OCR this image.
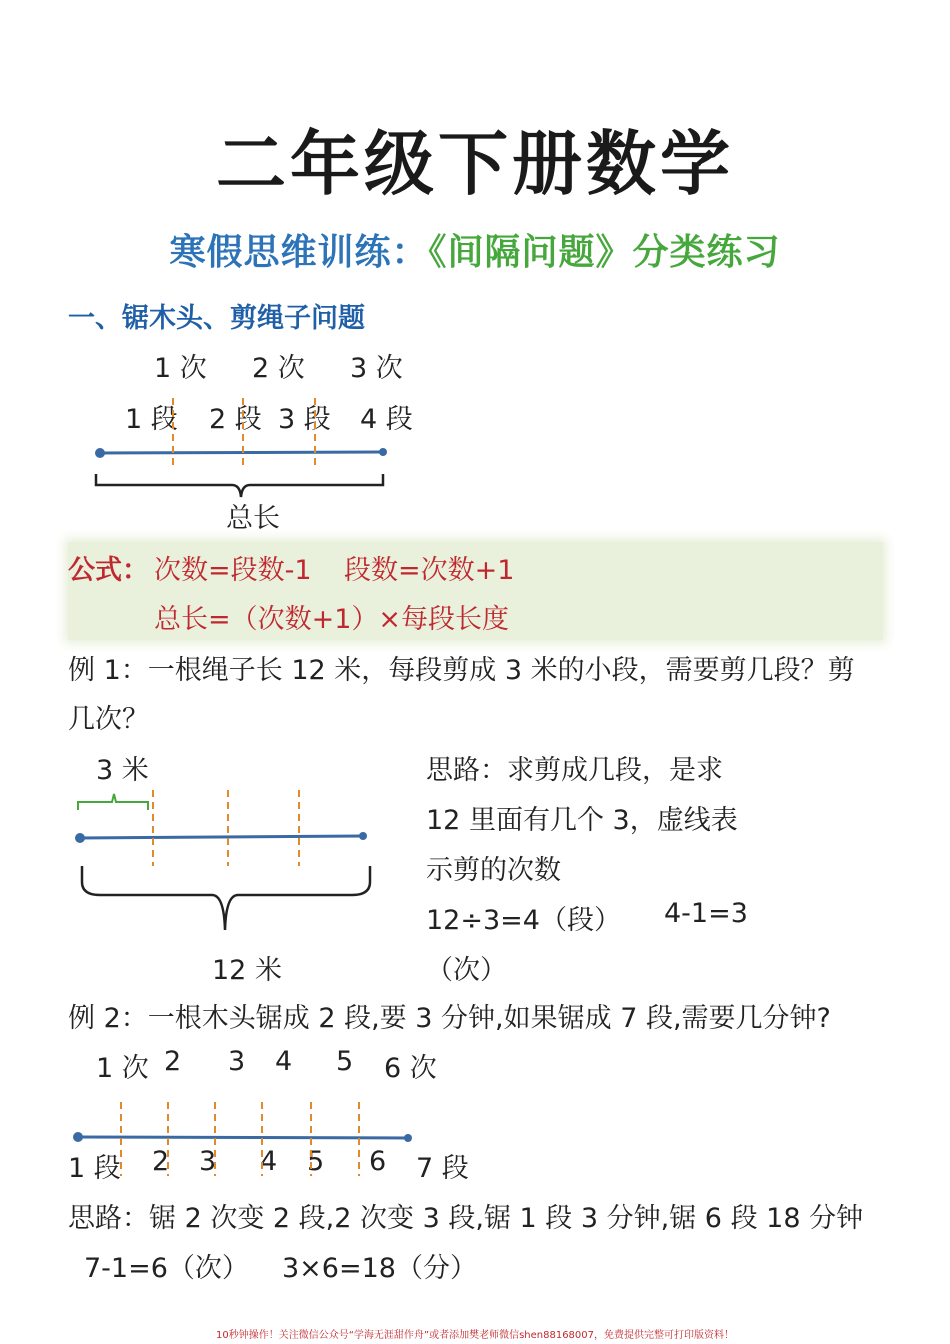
二年级下册数学
寒假思维训练：《间隔问题》分类练习
一、锯木头、剪绳子问题
1 次 2 次 3 次
1 段 2 段 3 段 4 段
总长
公式： 次数=段数-1 段数=次数+1
总长=（次数+1）×每段长度
例 1：一根绳子长 12 米，每段剪成 3 米的小段，需要剪几段？剪
几次？
3 米
12 米
思路：求剪成几段，是求
12 里面有几个 3，虚线表
示剪的次数
12÷3=4（段） 4-1=3
（次）
例 2：一根木头锯成 2 段,要 3 分钟,如果锯成 7 段,需要几分钟?
1 次 2 3 4 5 6 次
1 段 2 3 4 5 6 7 段
思路：锯 2 次变 2 段,2 次变 3 段,锯 1 段 3 分钟,锯 6 段 18 分钟
7-1=6（次） 3×6=18（分）
10秒钟操作！关注微信公众号“学海无涯甜作舟”或者添加樊老师微信shen88168007，免费提供完整可打印版资料！
